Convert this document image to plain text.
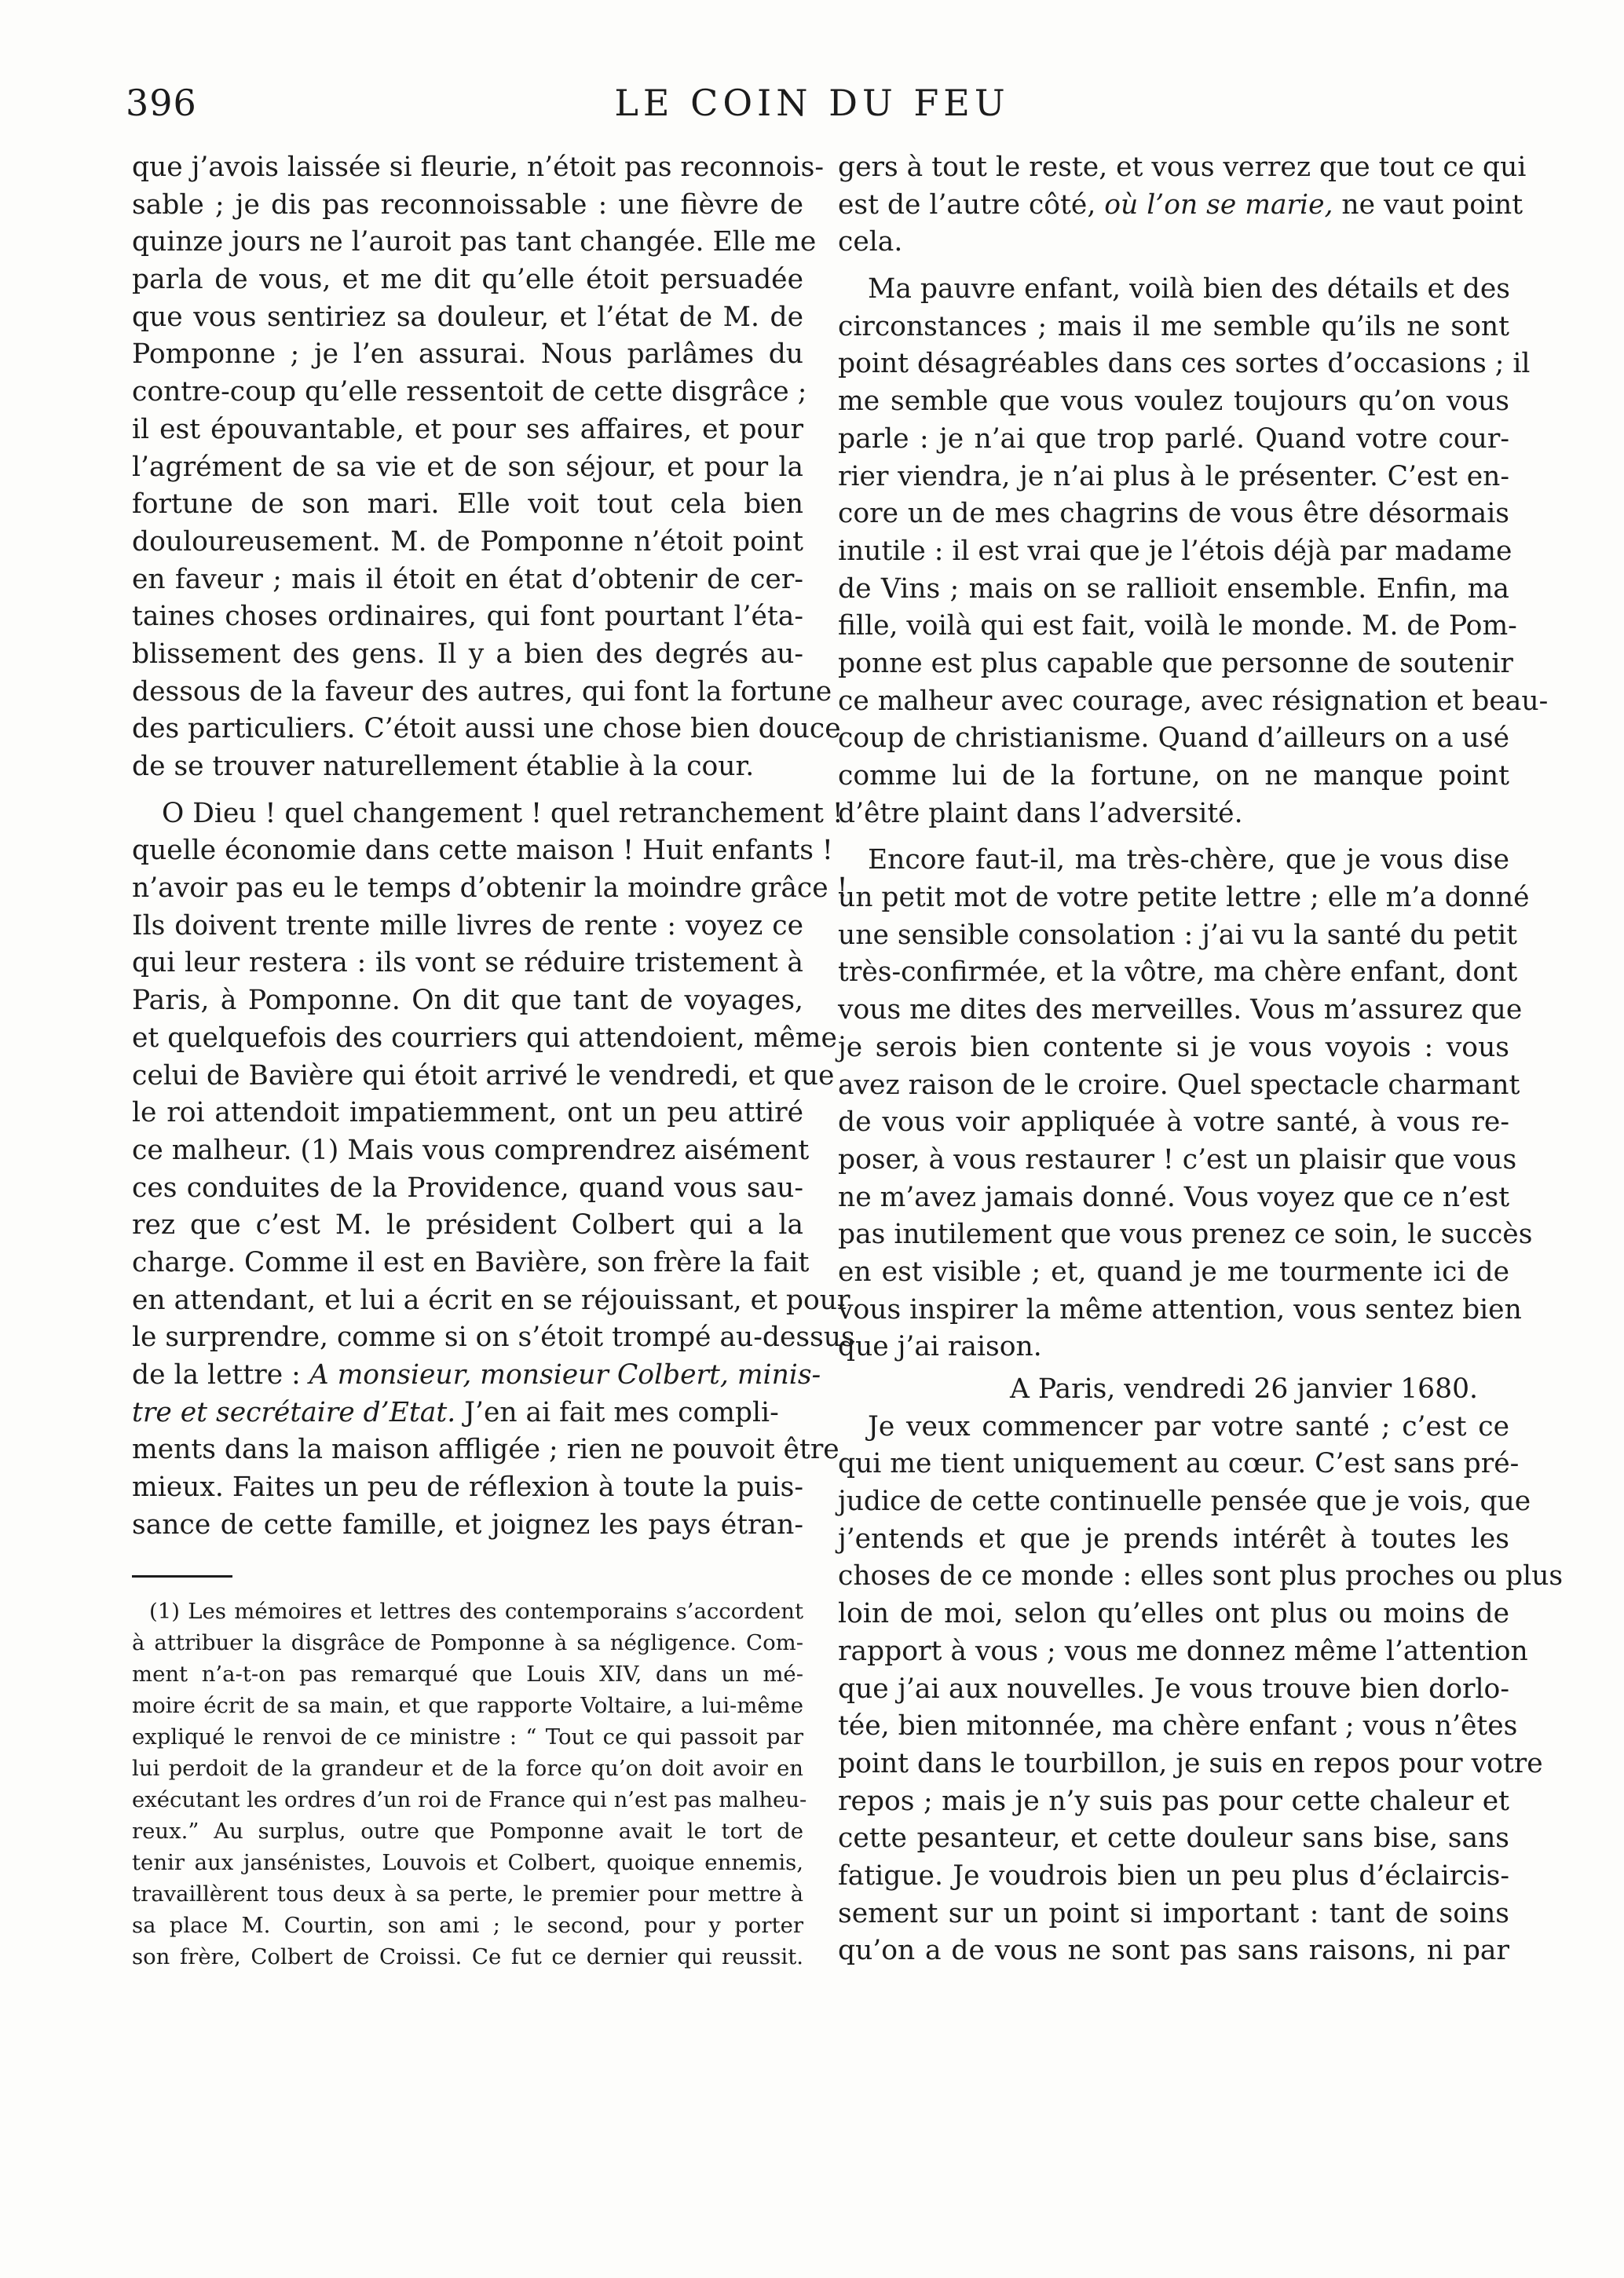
396	LE COIN DU FEU
que j’avois laissée si fleurie, n’étoit pas reconnois-
sable ; je dis pas reconnoissable : une fièvre de
quinze jours ne l’auroit pas tant changée. Elle me
parla de vous, et me dit qu’elle étoit persuadée
que vous sentiriez sa douleur, et l’état de M. de
Pomponne ; je l’en assurai. Nous parlâmes du
contre-coup qu’elle ressentoit de cette disgrâce ;
il est épouvantable, et pour ses affaires, et pour
l’agrément de sa vie et de son séjour, et pour la
fortune de son mari. Elle voit tout cela bien
douloureusement. M. de Pomponne n’étoit point
en faveur ; mais il étoit en état d’obtenir de cer-
taines choses ordinaires, qui font pourtant l’éta-
blissement des gens. Il y a bien des degrés au-
dessous de la faveur des autres, qui font la fortune
des particuliers. C’étoit aussi une chose bien douce
de se trouver naturellement établie à la cour.
O Dieu ! quel changement ! quel retranchement !
quelle économie dans cette maison ! Huit enfants !
n’avoir pas eu le temps d’obtenir la moindre grâce !
Ils doivent trente mille livres de rente : voyez ce
qui leur restera : ils vont se réduire tristement à
Paris, à Pomponne. On dit que tant de voyages,
et quelquefois des courriers qui attendoient, même
celui de Bavière qui étoit arrivé le vendredi, et que
le roi attendoit impatiemment, ont un peu attiré
ce malheur. (1) Mais vous comprendrez aisément
ces conduites de la Providence, quand vous sau-
rez que c’est M. le président Colbert qui a la
charge. Comme il est en Bavière, son frère la fait
en attendant, et lui a écrit en se réjouissant, et pour
le surprendre, comme si on s’étoit trompé au-dessus
de la lettre : A monsieur, monsieur Colbert, minis-
tre et secrétaire d’Etat. J’en ai fait mes compli-
ments dans la maison affligée ; rien ne pouvoit être
mieux. Faites un peu de réflexion à toute la puis-
sance de cette famille, et joignez les pays étran-
(1) Les mémoires et lettres des contemporains s’accordent
à attribuer la disgrâce de Pomponne à sa négligence. Com-
ment n’a-t-on pas remarqué que Louis XIV, dans un mé-
moire écrit de sa main, et que rapporte Voltaire, a lui-même
expliqué le renvoi de ce ministre : “ Tout ce qui passoit par
lui perdoit de la grandeur et de la force qu’on doit avoir en
exécutant les ordres d’un roi de France qui n’est pas malheu-
reux.” Au surplus, outre que Pomponne avait le tort de
tenir aux jansénistes, Louvois et Colbert, quoique ennemis,
travaillèrent tous deux à sa perte, le premier pour mettre à
sa place M. Courtin, son ami ; le second, pour y porter
son frère, Colbert de Croissi. Ce fut ce dernier qui reussit.
gers à tout le reste, et vous verrez que tout ce qui
est de l’autre côté, où l’on se marie, ne vaut point
cela.
Ma pauvre enfant, voilà bien des détails et des
circonstances ; mais il me semble qu’ils ne sont
point désagréables dans ces sortes d’occasions ; il
me semble que vous voulez toujours qu’on vous
parle : je n’ai que trop parlé. Quand votre cour-
rier viendra, je n’ai plus à le présenter. C’est en-
core un de mes chagrins de vous être désormais
inutile : il est vrai que je l’étois déjà par madame
de Vins ; mais on se rallioit ensemble. Enfin, ma
fille, voilà qui est fait, voilà le monde. M. de Pom-
ponne est plus capable que personne de soutenir
ce malheur avec courage, avec résignation et beau-
coup de christianisme. Quand d’ailleurs on a usé
comme lui de la fortune, on ne manque point
d’être plaint dans l’adversité.
Encore faut-il, ma très-chère, que je vous dise
un petit mot de votre petite lettre ; elle m’a donné
une sensible consolation : j’ai vu la santé du petit
très-confirmée, et la vôtre, ma chère enfant, dont
vous me dites des merveilles. Vous m’assurez que
je serois bien contente si je vous voyois : vous
avez raison de le croire. Quel spectacle charmant
de vous voir appliquée à votre santé, à vous re-
poser, à vous restaurer ! c’est un plaisir que vous
ne m’avez jamais donné. Vous voyez que ce n’est
pas inutilement que vous prenez ce soin, le succès
en est visible ; et, quand je me tourmente ici de
vous inspirer la même attention, vous sentez bien
que j’ai raison.
A Paris, vendredi 26 janvier 1680.
Je veux commencer par votre santé ; c’est ce
qui me tient uniquement au cœur. C’est sans pré-
judice de cette continuelle pensée que je vois, que
j’entends et que je prends intérêt à toutes les
choses de ce monde : elles sont plus proches ou plus
loin de moi, selon qu’elles ont plus ou moins de
rapport à vous ; vous me donnez même l’attention
que j’ai aux nouvelles. Je vous trouve bien dorlo-
tée, bien mitonnée, ma chère enfant ; vous n’êtes
point dans le tourbillon, je suis en repos pour votre
repos ; mais je n’y suis pas pour cette chaleur et
cette pesanteur, et cette douleur sans bise, sans
fatigue. Je voudrois bien un peu plus d’éclaircis-
sement sur un point si important : tant de soins
qu’on a de vous ne sont pas sans raisons, ni par
